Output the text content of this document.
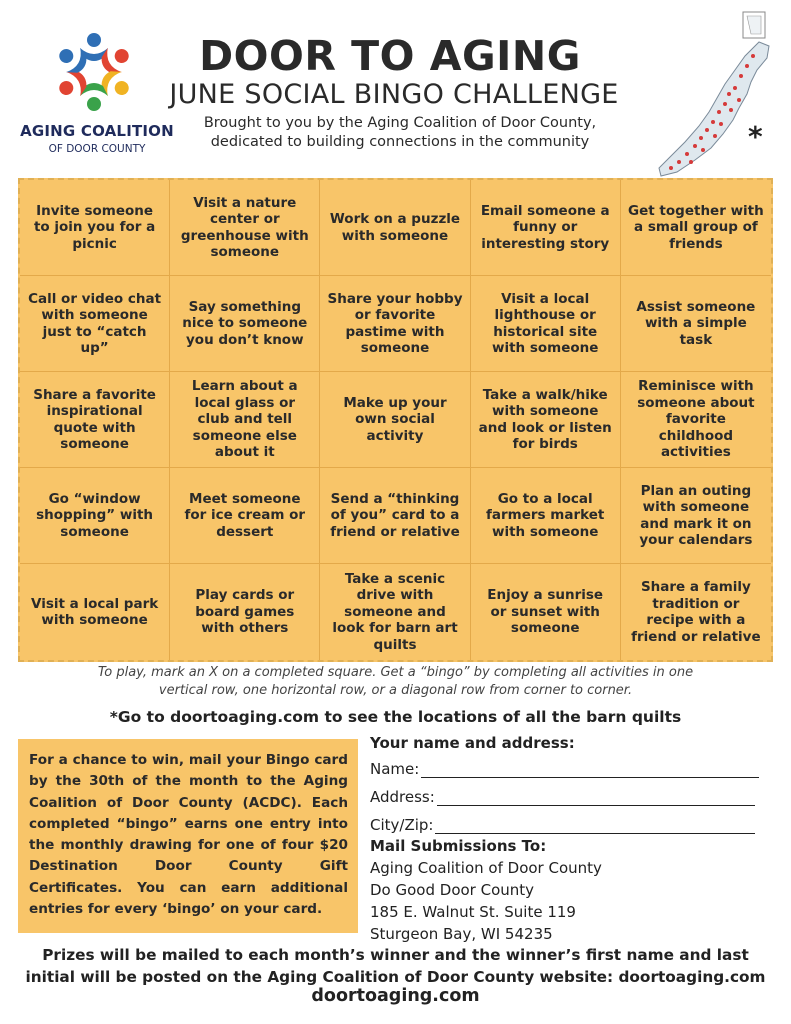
AGING COALITION
OF DOOR COUNTY
DOOR TO AGING
JUNE SOCIAL BINGO CHALLENGE
Brought to you by the Aging Coalition of Door County,
dedicated to building connections in the community	*
Invite someone to join you for a picnic
Visit a nature center or greenhouse with someone
Work on a puzzle with someone
Email someone a funny or interesting story
Get together with a small group of friends
Call or video chat with someone just to “catch up”
Say something nice to someone you don’t know
Share your hobby or favorite pastime with someone
Visit a local lighthouse or historical site with someone
Assist someone with a simple task
Share a favorite inspirational quote with someone
Learn about a local glass or club and tell someone else about it
Make up your own social activity
Take a walk/hike with someone and look or listen for birds
Reminisce with someone about favorite childhood activities
Go “window shopping” with someone
Meet someone for ice cream or dessert
Send a “thinking of you” card to a friend or relative
Go to a local farmers market with someone
Plan an outing with someone and mark it on your calendars
Visit a local park with someone
Play cards or board games with others
Take a scenic drive with someone and look for barn art quilts
Enjoy a sunrise or sunset with someone
Share a family tradition or recipe with a friend or relative
To play, mark an X on a completed square. Get a “bingo” by completing all activities in one
vertical row, one horizontal row, or a diagonal row from corner to corner.
*Go to doortoaging.com to see the locations of all the barn quilts
For a chance to win, mail your Bingo card by the 30th of the month to the Aging Coalition of Door County (ACDC). Each completed “bingo” earns one entry into the monthly drawing for one of four $20 Destination Door County Gift Certificates. You can earn additional entries for every ‘bingo’ on your card.
Your name and address:
Name:
Address:
City/Zip:
Mail Submissions To:
Aging Coalition of Door County
Do Good Door County
185 E. Walnut St. Suite 119
Sturgeon Bay, WI 54235
Prizes will be mailed to each month’s winner and the winner’s first name and last
initial will be posted on the Aging Coalition of Door County website: doortoaging.com
doortoaging.com
